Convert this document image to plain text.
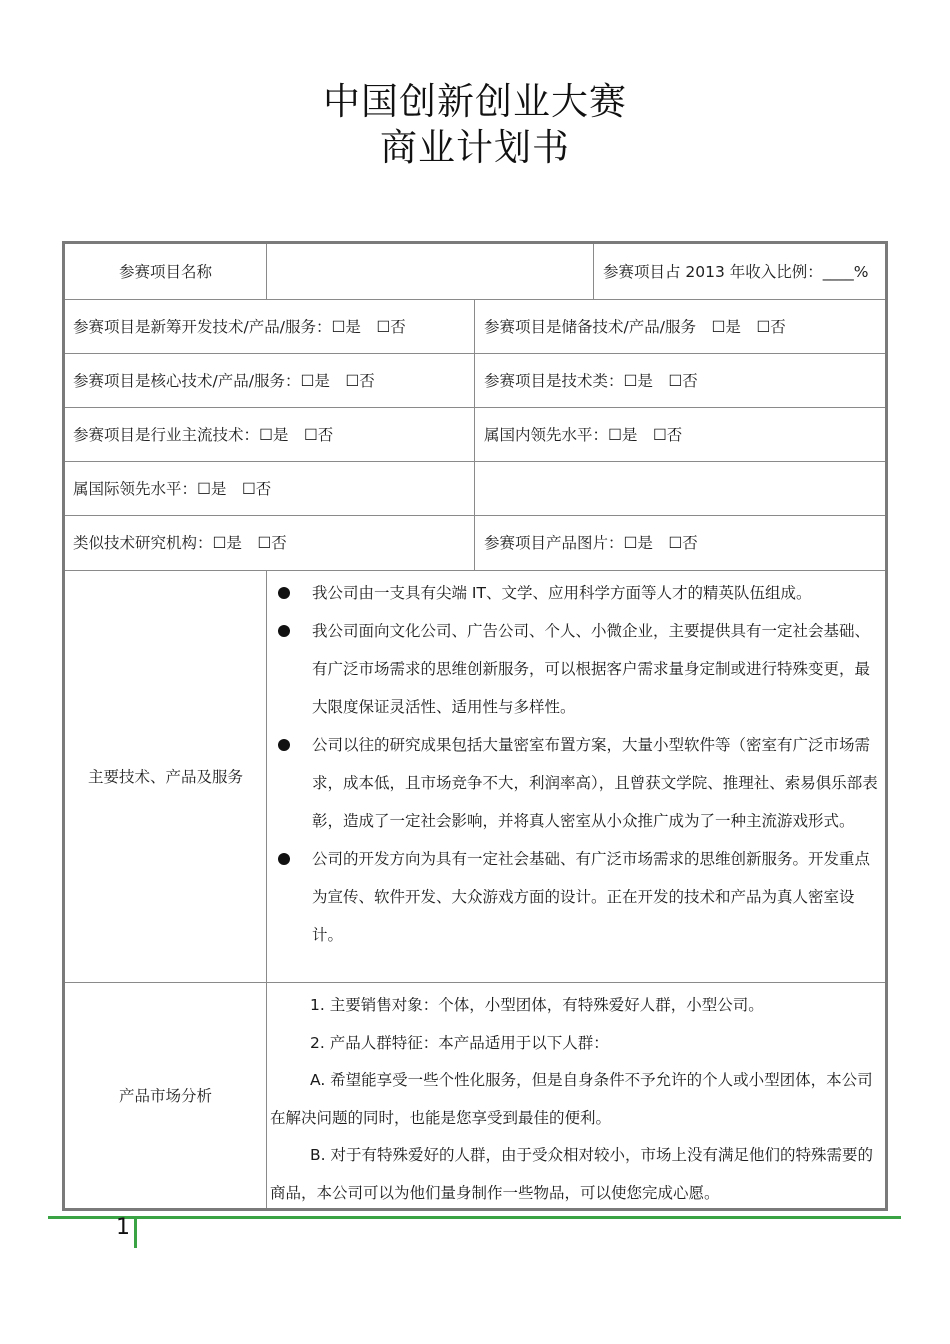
中国创新创业大赛
商业计划书
参赛项目名称	参赛项目占 2013 年收入比例：____%
参赛项目是新筹开发技术/产品/服务：☐是　☐否	参赛项目是储备技术/产品/服务　☐是　☐否
参赛项目是核心技术/产品/服务：☐是　☐否	参赛项目是技术类：☐是　☐否
参赛项目是行业主流技术：☐是　☐否	属国内领先水平：☐是　☐否
属国际领先水平：☐是　☐否
类似技术研究机构：☐是　☐否	参赛项目产品图片：☐是　☐否
主要技术、产品及服务
我公司由一支具有尖端 IT、文学、应用科学方面等人才的精英队伍组成。
我公司面向文化公司、广告公司、个人、小微企业，主要提供具有一定社会基础、有广泛市场需求的思维创新服务，可以根据客户需求量身定制或进行特殊变更，最大限度保证灵活性、适用性与多样性。
公司以往的研究成果包括大量密室布置方案，大量小型软件等（密室有广泛市场需求，成本低，且市场竞争不大，利润率高），且曾获文学院、推理社、索易俱乐部表彰，造成了一定社会影响，并将真人密室从小众推广成为了一种主流游戏形式。
公司的开发方向为具有一定社会基础、有广泛市场需求的思维创新服务。开发重点为宣传、软件开发、大众游戏方面的设计。正在开发的技术和产品为真人密室设计。
产品市场分析

1. 主要销售对象：个体，小型团体，有特殊爱好人群，小型公司。

2. 产品人群特征：本产品适用于以下人群：

A. 希望能享受一些个性化服务，但是自身条件不予允许的个人或小型团体，本公司在解决问题的同时，也能是您享受到最佳的便利。

B. 对于有特殊爱好的人群，由于受众相对较小，市场上没有满足他们的特殊需要的商品，本公司可以为他们量身制作一些物品，可以使您完成心愿。

1
